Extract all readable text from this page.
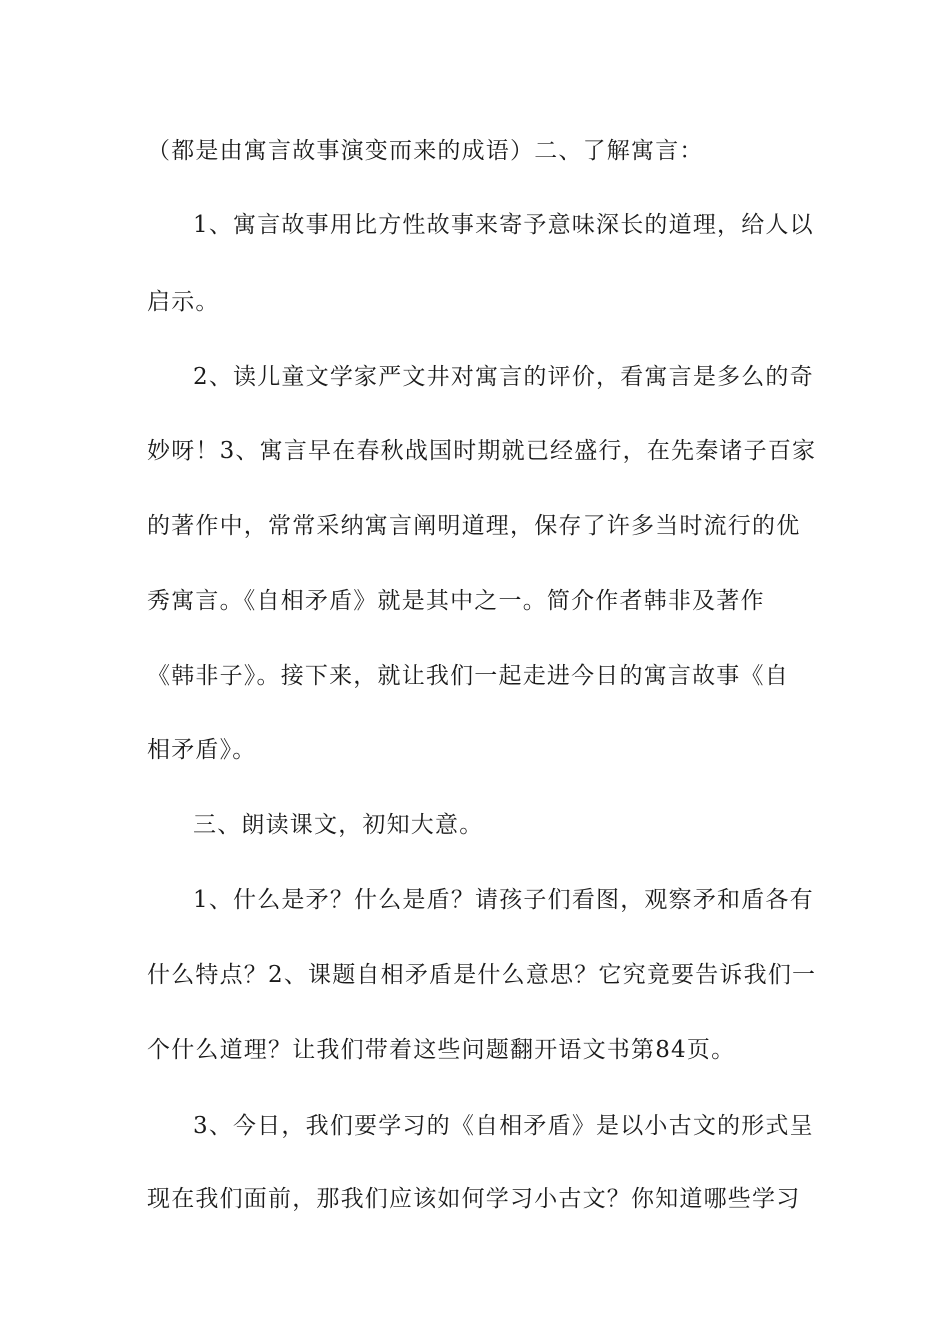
（都是由寓言故事演变而来的成语）二、了解寓言：
1、寓言故事用比方性故事来寄予意味深长的道理，给人以
启示。
2、读儿童文学家严文井对寓言的评价，看寓言是多么的奇
妙呀！3、寓言早在春秋战国时期就已经盛行，在先秦诸子百家
的著作中，常常采纳寓言阐明道理，保存了许多当时流行的优
秀寓言。《自相矛盾》就是其中之一。简介作者韩非及著作
《韩非子》。接下来，就让我们一起走进今日的寓言故事《自
相矛盾》。
三、朗读课文，初知大意。
1、什么是矛？什么是盾？请孩子们看图，观察矛和盾各有
什么特点？2、课题自相矛盾是什么意思？它究竟要告诉我们一
个什么道理？让我们带着这些问题翻开语文书第84页。
3、今日，我们要学习的《自相矛盾》是以小古文的形式呈
现在我们面前，那我们应该如何学习小古文？你知道哪些学习
